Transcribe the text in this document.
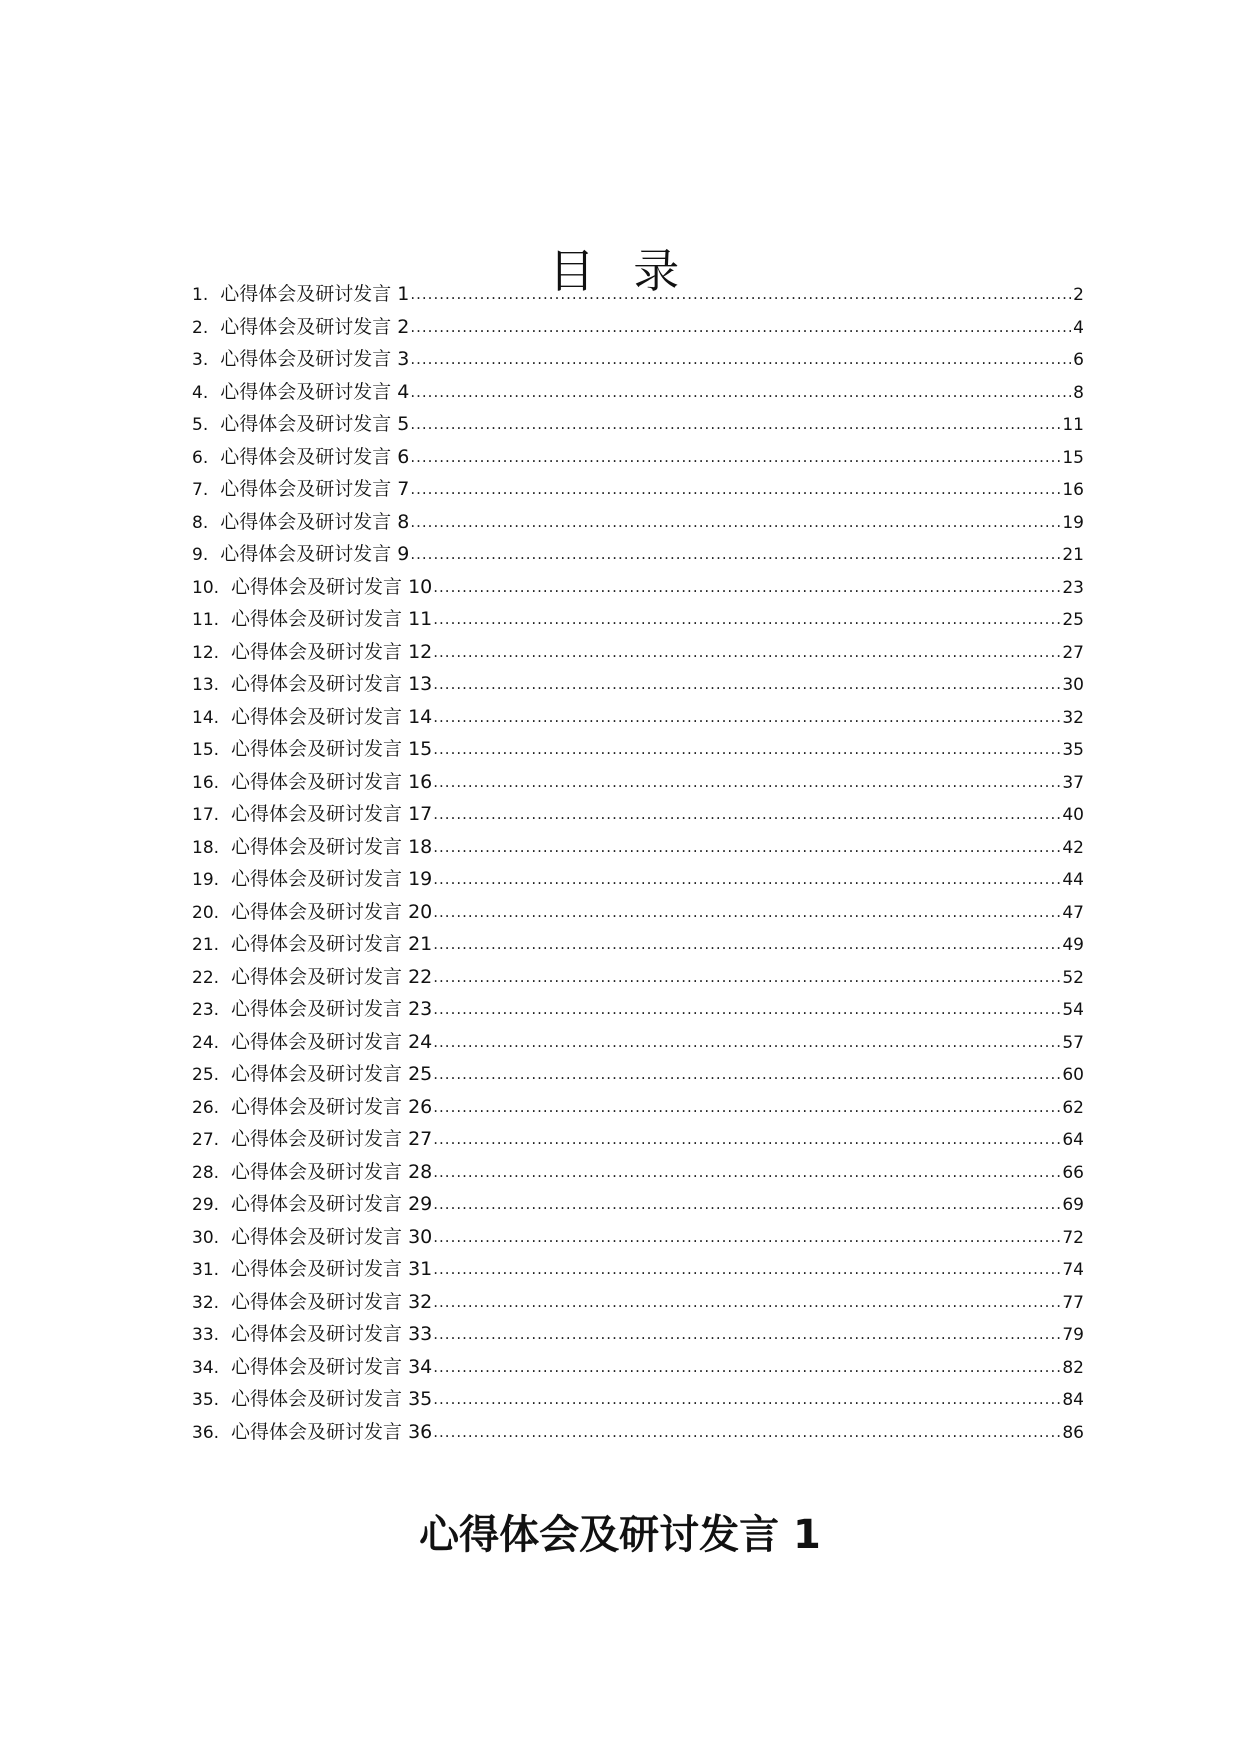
目 录
1. 心得体会及研讨发言 1 .....	2
2. 心得体会及研讨发言 2 .....	4
3. 心得体会及研讨发言 3 .....	6
4. 心得体会及研讨发言 4 .....	8
5. 心得体会及研讨发言 5 .....	11
6. 心得体会及研讨发言 6 .....	15
7. 心得体会及研讨发言 7 .....	16
8. 心得体会及研讨发言 8 .....	19
9. 心得体会及研讨发言 9 .....	21
10. 心得体会及研讨发言 10 .....	23
11. 心得体会及研讨发言 11 .....	25
12. 心得体会及研讨发言 12 .....	27
13. 心得体会及研讨发言 13 .....	30
14. 心得体会及研讨发言 14 .....	32
15. 心得体会及研讨发言 15 .....	35
16. 心得体会及研讨发言 16 .....	37
17. 心得体会及研讨发言 17 .....	40
18. 心得体会及研讨发言 18 .....	42
19. 心得体会及研讨发言 19 .....	44
20. 心得体会及研讨发言 20 .....	47
21. 心得体会及研讨发言 21 .....	49
22. 心得体会及研讨发言 22 .....	52
23. 心得体会及研讨发言 23 .....	54
24. 心得体会及研讨发言 24 .....	57
25. 心得体会及研讨发言 25 .....	60
26. 心得体会及研讨发言 26 .....	62
27. 心得体会及研讨发言 27 .....	64
28. 心得体会及研讨发言 28 .....	66
29. 心得体会及研讨发言 29 .....	69
30. 心得体会及研讨发言 30 .....	72
31. 心得体会及研讨发言 31 .....	74
32. 心得体会及研讨发言 32 .....	77
33. 心得体会及研讨发言 33 .....	79
34. 心得体会及研讨发言 34 .....	82
35. 心得体会及研讨发言 35 .....	84
36. 心得体会及研讨发言 36 .....	86
心得体会及研讨发言 1
